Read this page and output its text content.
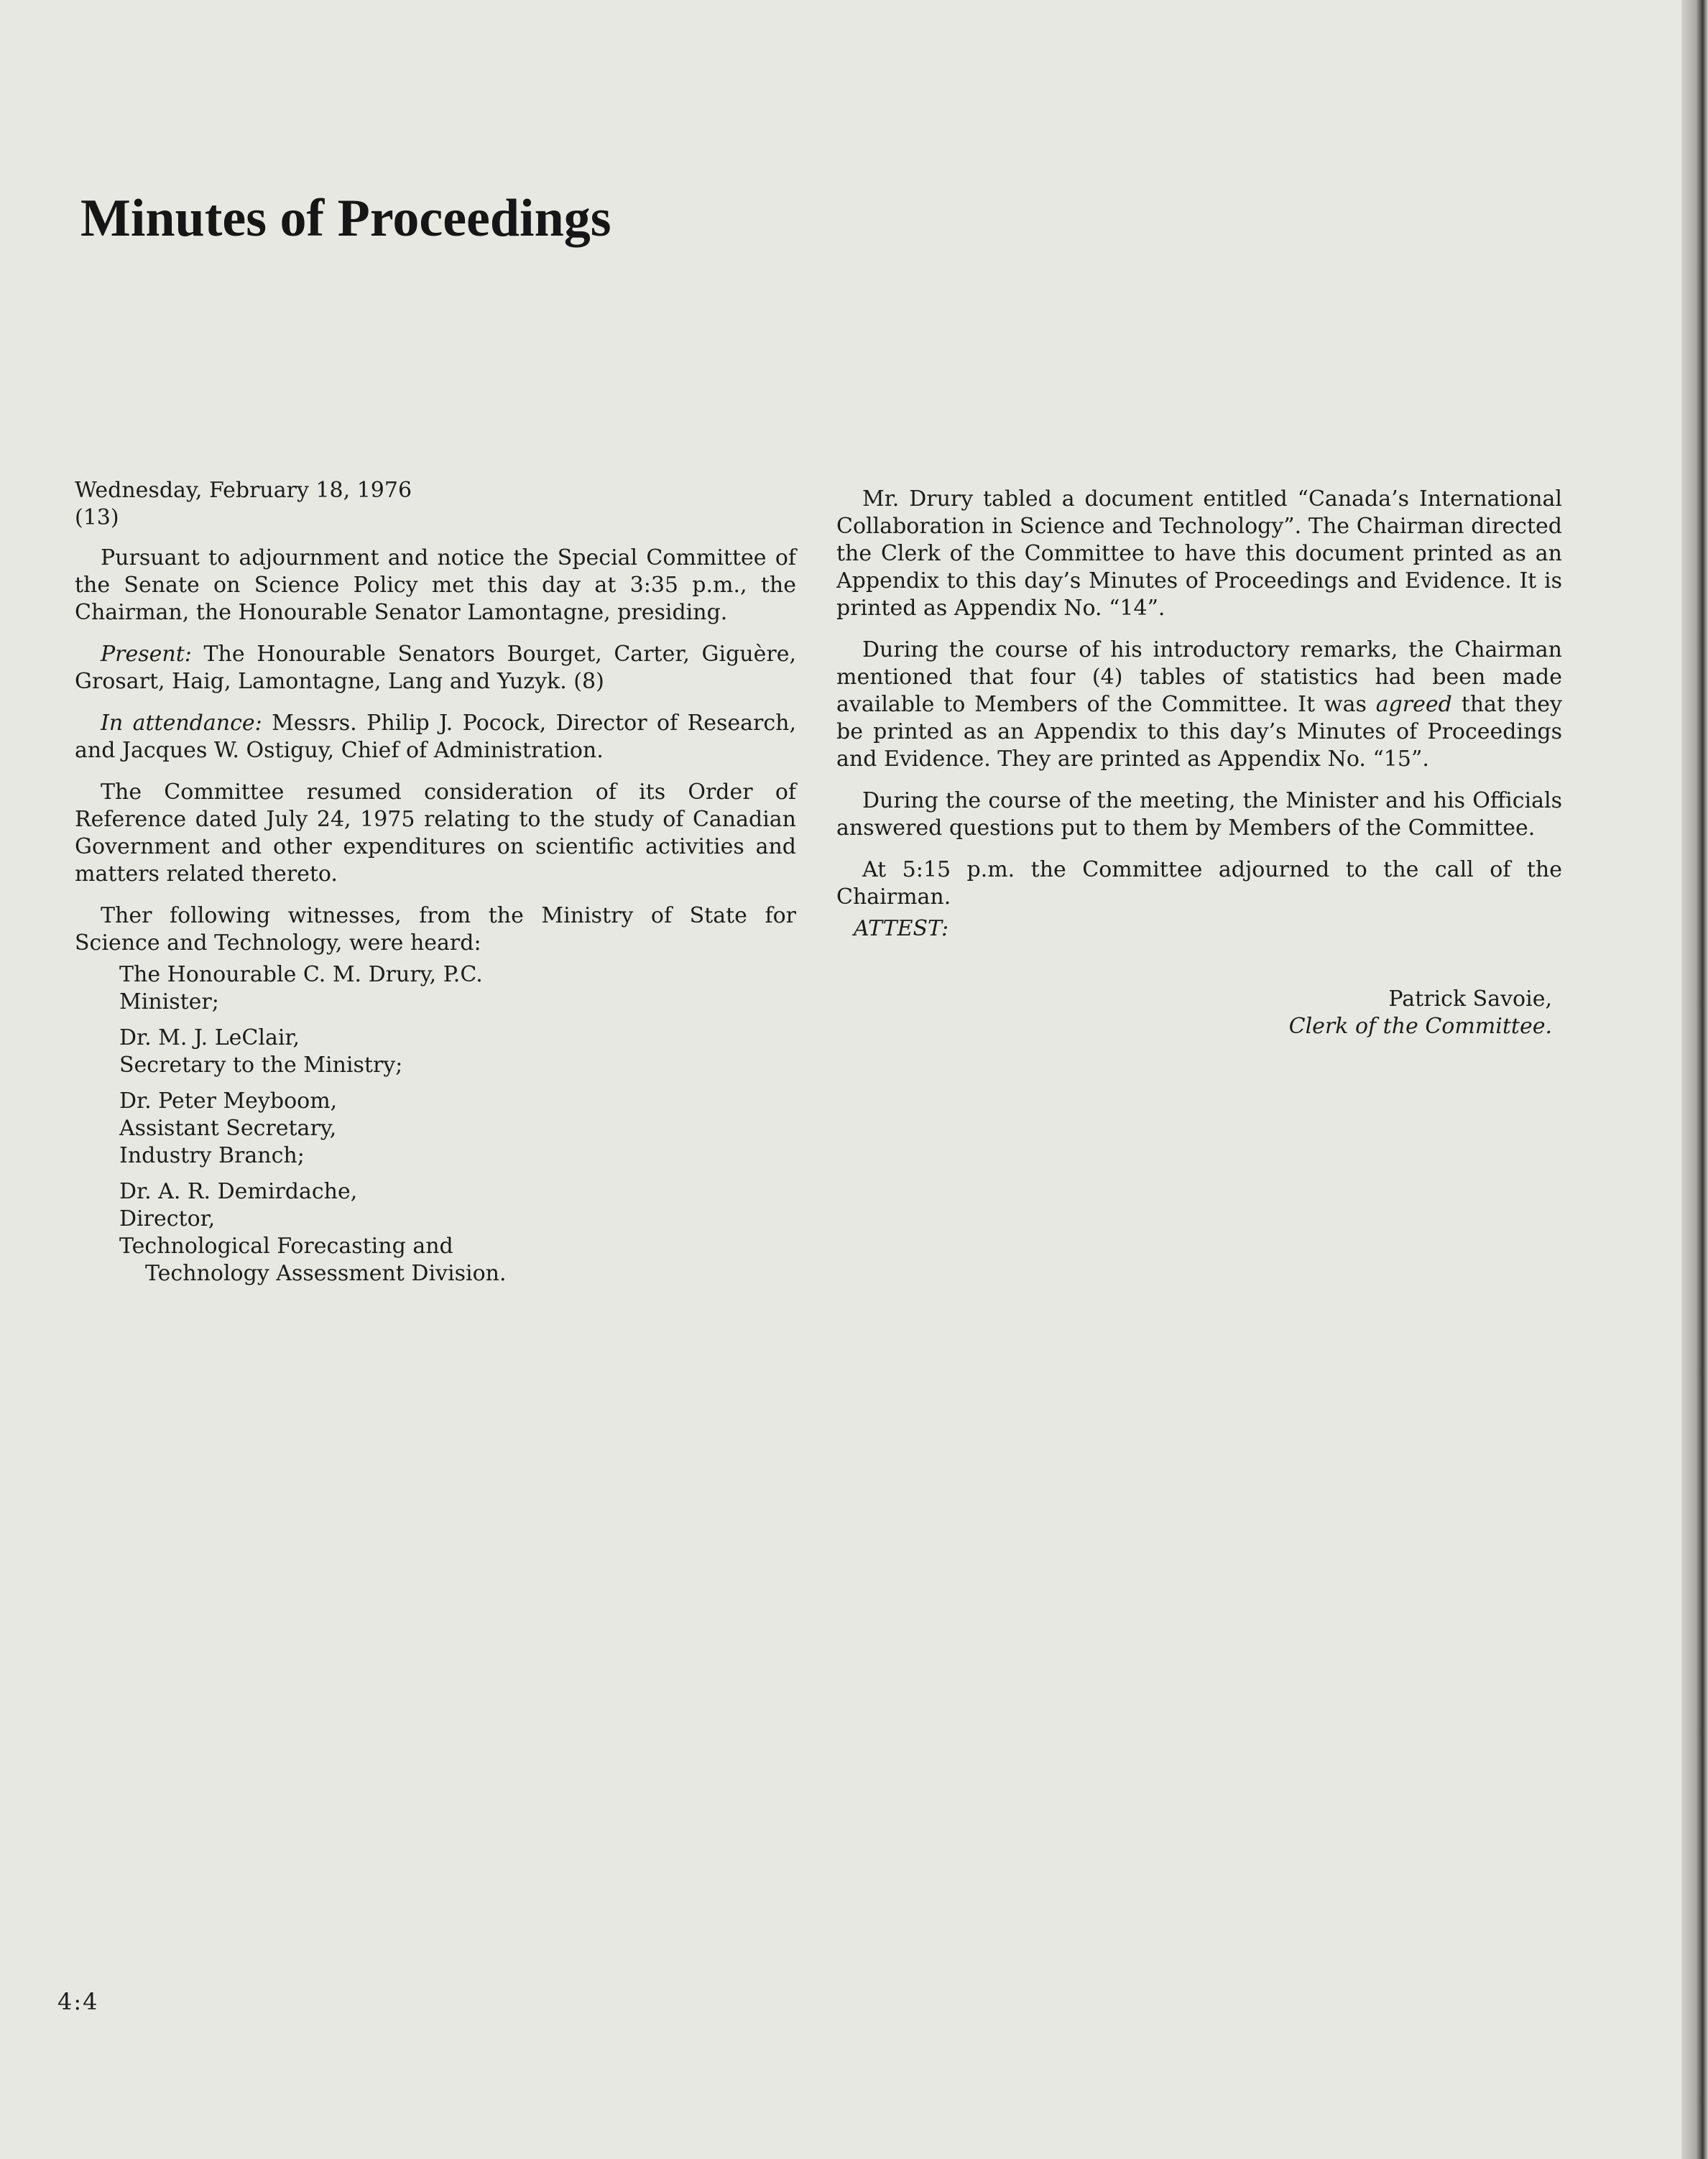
Minutes of Proceedings
Wednesday, February 18, 1976
(13)

Pursuant to adjournment and notice the Special Committee of the Senate on Science Policy met this day at 3:35 p.m., the Chairman, the Honourable Senator Lamontagne, presiding.

Present: The Honourable Senators Bourget, Carter, Giguère, Grosart, Haig, Lamontagne, Lang and Yuzyk. (8)

In attendance: Messrs. Philip J. Pocock, Director of Research, and Jacques W. Ostiguy, Chief of Administration.

The Committee resumed consideration of its Order of Reference dated July 24, 1975 relating to the study of Canadian Government and other expenditures on scientific activities and matters related thereto.

Ther following witnesses, from the Ministry of State for Science and Technology, were heard:

The Honourable C. M. Drury, P.C.
Minister;
Dr. M. J. LeClair,
Secretary to the Ministry;
Dr. Peter Meyboom,
Assistant Secretary,
Industry Branch;
Dr. A. R. Demirdache,
Director,
Technological Forecasting and
Technology Assessment Division.

Mr. Drury tabled a document entitled “Canada’s International Collaboration in Science and Technology”. The Chairman directed the Clerk of the Committee to have this document printed as an Appendix to this day’s Minutes of Proceedings and Evidence. It is printed as Appendix No. “14”.

During the course of his introductory remarks, the Chairman mentioned that four (4) tables of statistics had been made available to Members of the Committee. It was agreed that they be printed as an Appendix to this day’s Minutes of Proceedings and Evidence. They are printed as Appendix No. “15”.

During the course of the meeting, the Minister and his Officials answered questions put to them by Members of the Committee.

At 5:15 p.m. the Committee adjourned to the call of the Chairman.

ATTEST:
Patrick Savoie,
Clerk of the Committee.
4:4
